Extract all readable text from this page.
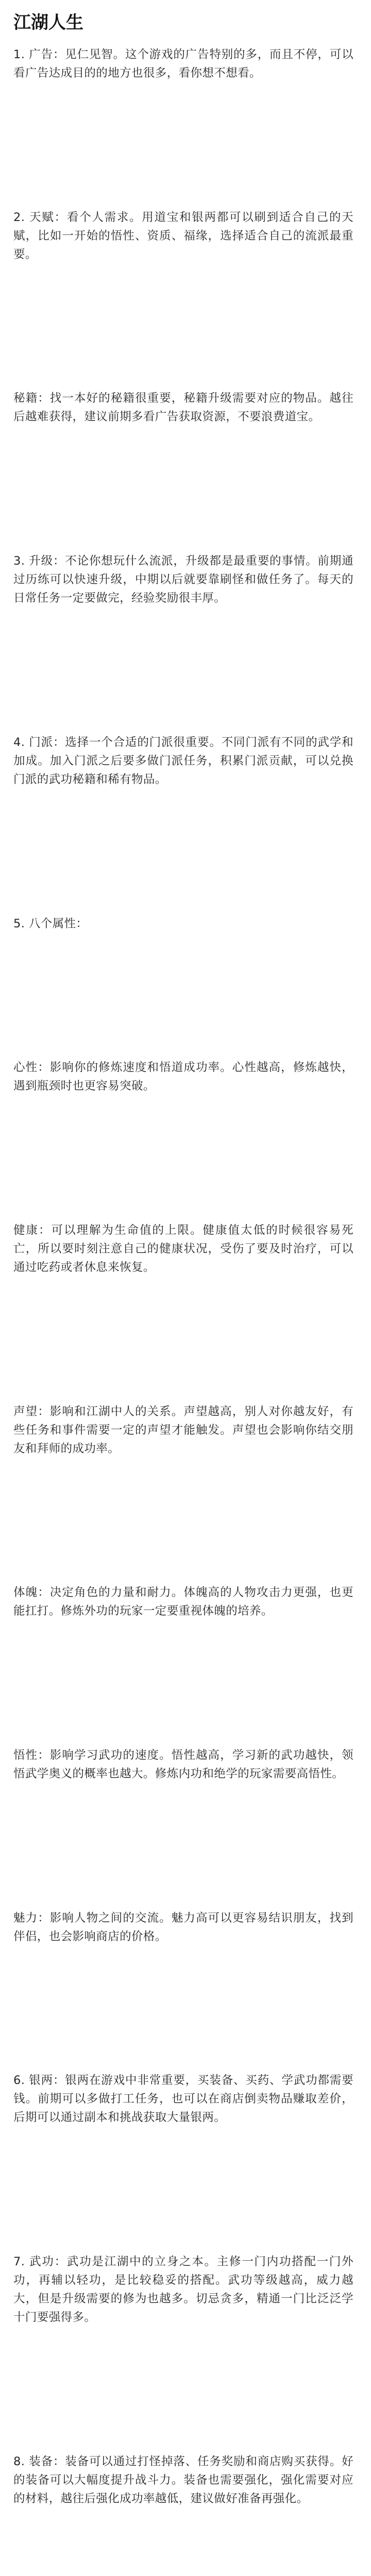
江湖人生

1. 广告：见仁见智。这个游戏的广告特别的多，而且不停，可以看广告达成目的的地方也很多，看你想不想看。

2. 天赋：看个人需求。用道宝和银两都可以刷到适合自己的天赋，比如一开始的悟性、资质、福缘，选择适合自己的流派最重要。

秘籍：找一本好的秘籍很重要，秘籍升级需要对应的物品。越往后越难获得，建议前期多看广告获取资源，不要浪费道宝。

3. 升级：不论你想玩什么流派，升级都是最重要的事情。前期通过历练可以快速升级，中期以后就要靠刷怪和做任务了。每天的日常任务一定要做完，经验奖励很丰厚。

4. 门派：选择一个合适的门派很重要。不同门派有不同的武学和加成。加入门派之后要多做门派任务，积累门派贡献，可以兑换门派的武功秘籍和稀有物品。

5. 八个属性：

心性：影响你的修炼速度和悟道成功率。心性越高，修炼越快，遇到瓶颈时也更容易突破。

健康：可以理解为生命值的上限。健康值太低的时候很容易死亡，所以要时刻注意自己的健康状况，受伤了要及时治疗，可以通过吃药或者休息来恢复。

声望：影响和江湖中人的关系。声望越高，别人对你越友好，有些任务和事件需要一定的声望才能触发。声望也会影响你结交朋友和拜师的成功率。

体魄：决定角色的力量和耐力。体魄高的人物攻击力更强，也更能扛打。修炼外功的玩家一定要重视体魄的培养。

悟性：影响学习武功的速度。悟性越高，学习新的武功越快，领悟武学奥义的概率也越大。修炼内功和绝学的玩家需要高悟性。

魅力：影响人物之间的交流。魅力高可以更容易结识朋友，找到伴侣，也会影响商店的价格。

6. 银两：银两在游戏中非常重要，买装备、买药、学武功都需要钱。前期可以多做打工任务，也可以在商店倒卖物品赚取差价，后期可以通过副本和挑战获取大量银两。

7. 武功：武功是江湖中的立身之本。主修一门内功搭配一门外功，再辅以轻功，是比较稳妥的搭配。武功等级越高，威力越大，但是升级需要的修为也越多。切忌贪多，精通一门比泛泛学十门要强得多。

8. 装备：装备可以通过打怪掉落、任务奖励和商店购买获得。好的装备可以大幅度提升战斗力。装备也需要强化，强化需要对应的材料，越往后强化成功率越低，建议做好准备再强化。
